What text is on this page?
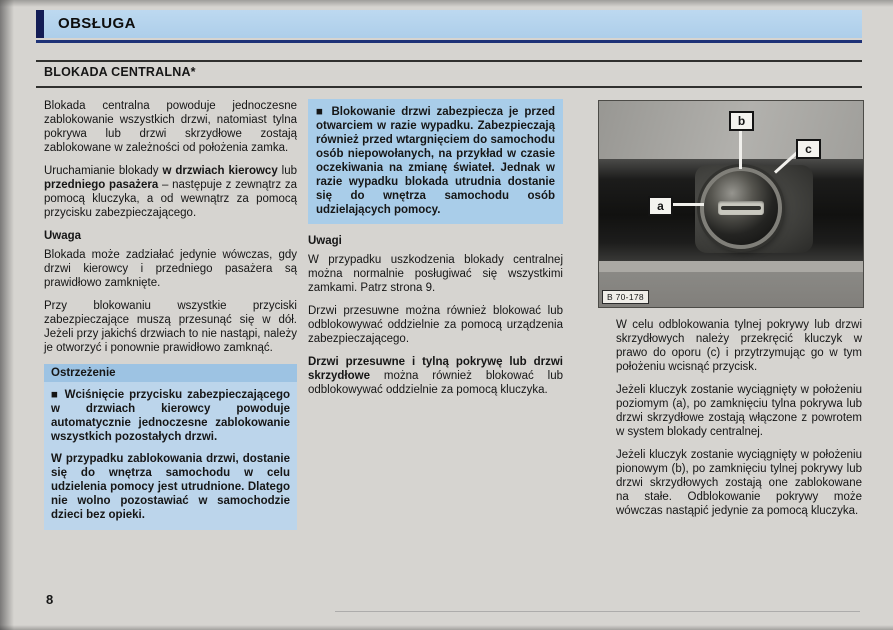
OBSŁUGA
BLOKADA CENTRALNA*

Blokada centralna powoduje jednoczesne zablokowanie wszystkich drzwi, natomiast tylna pokrywa lub drzwi skrzydłowe zostają zablokowane w zależności od położenia zamka.

Uruchamianie blokady w drzwiach kierowcy lub przedniego pasażera – następuje z zewnątrz za pomocą kluczyka, a od wewnątrz za pomocą przycisku zabezpieczającego.

Uwaga

Blokada może zadziałać jedynie wówczas, gdy drzwi kierowcy i przedniego pasażera są prawidłowo zamknięte.

Przy blokowaniu wszystkie przyciski zabezpieczające muszą przesunąć się w dół. Jeżeli przy jakichś drzwiach to nie nastąpi, należy je otworzyć i ponownie prawidłowo zamknąć.

Ostrzeżenie

■ Wciśnięcie przycisku zabezpieczającego w drzwiach kierowcy powoduje automatycznie jednoczesne zablokowanie wszystkich pozostałych drzwi.

W przypadku zablokowania drzwi, dostanie się do wnętrza samochodu w celu udzielenia pomocy jest utrudnione. Dlatego nie wolno pozostawiać w samochodzie dzieci bez opieki.

■ Blokowanie drzwi zabezpiecza je przed otwarciem w razie wypadku. Zabezpieczają również przed wtargnięciem do samochodu osób niepowołanych, na przykład w czasie oczekiwania na zmianę świateł. Jednak w razie wypadku blokada utrudnia dostanie się do wnętrza samochodu osób udzielających pomocy.

Uwagi

W przypadku uszkodzenia blokady centralnej można normalnie posługiwać się wszystkimi zamkami. Patrz strona 9.

Drzwi przesuwne można również blokować lub odblokowywać oddzielnie za pomocą urządzenia zabezpieczającego.

Drzwi przesuwne i tylną pokrywę lub drzwi skrzydłowe można również blokować lub odblokowywać oddzielnie za pomocą kluczyka.

b
c
a
B 70-178

W celu odblokowania tylnej pokrywy lub drzwi skrzydłowych należy przekręcić kluczyk w prawo do oporu (c) i przytrzymując go w tym położeniu wcisnąć przycisk.

Jeżeli kluczyk zostanie wyciągnięty w położeniu poziomym (a), po zamknięciu tylna pokrywa lub drzwi skrzydłowe zostają włączone z powrotem w system blokady centralnej.

Jeżeli kluczyk zostanie wyciągnięty w położeniu pionowym (b), po zamknięciu tylnej pokrywy lub drzwi skrzydłowych zostają one zablokowane na stałe. Odblokowanie pokrywy może wówczas nastąpić jedynie za pomocą kluczyka.

8
